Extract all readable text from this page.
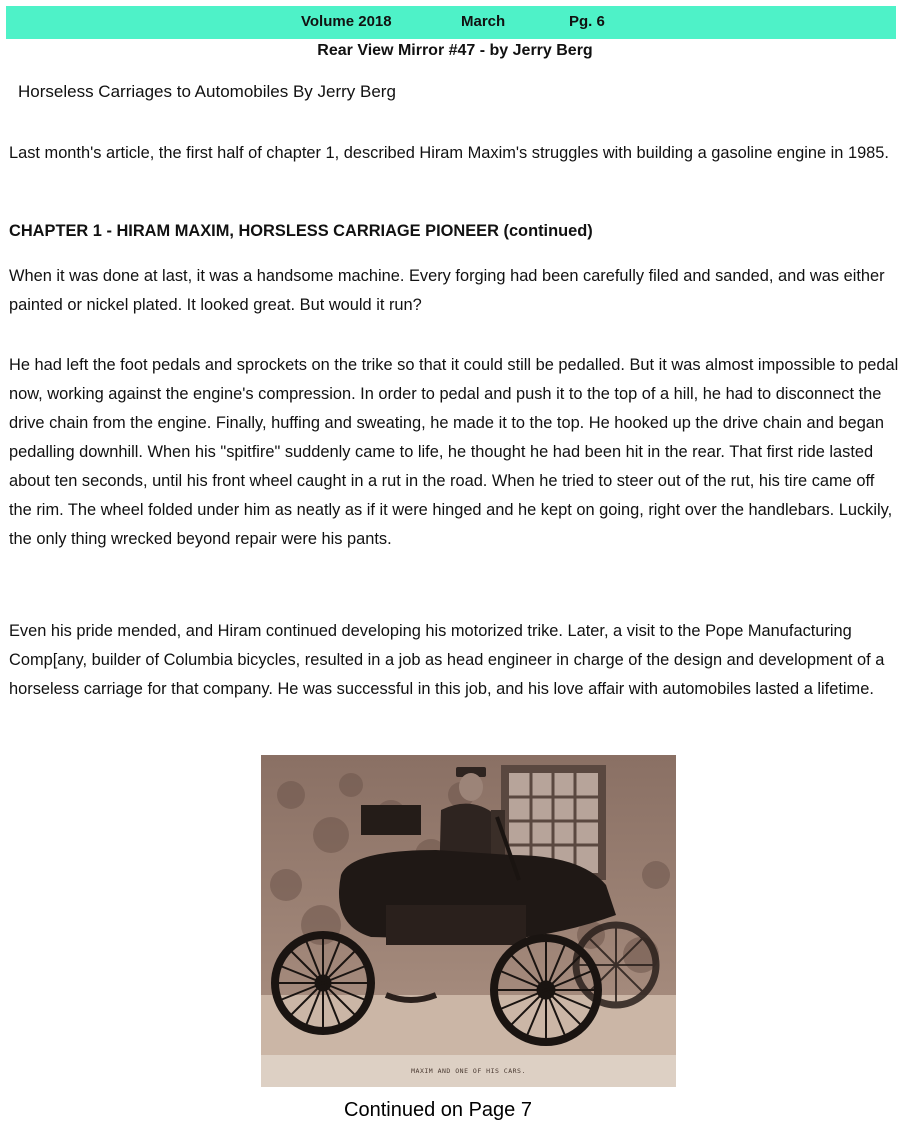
Volume 2018	March	Pg. 6
Rear View Mirror #47 - by Jerry Berg
Horseless Carriages to Automobiles By Jerry Berg

Last month's article, the first half of chapter 1, described Hiram Maxim's struggles with building a gasoline engine in 1985.

CHAPTER 1 - HIRAM MAXIM, HORSLESS CARRIAGE PIONEER (continued)

When it was done at last, it was a handsome machine. Every forging had been carefully filed and sanded, and was either painted or nickel plated. It looked great. But would it run?

He had left the foot pedals and sprockets on the trike so that it could still be pedalled. But it was almost impossible to pedal now, working against the engine's compression. In order to pedal and push it to the top of a hill, he had to disconnect the drive chain from the engine. Finally, huffing and sweating, he made it to the top. He hooked up the drive chain and began pedalling downhill. When his "spitfire" suddenly came to life, he thought he had been hit in the rear. That first ride lasted about ten seconds, until his front wheel caught in a rut in the road. When he tried to steer out of the rut, his tire came off the rim. The wheel folded under him as neatly as if it were hinged and he kept on going, right over the handlebars. Luckily, the only thing wrecked beyond repair were his pants.

Even his pride mended, and Hiram continued developing his motorized trike. Later, a visit to the Pope Manufacturing Comp[any, builder of Columbia bicycles, resulted in a job as head engineer in charge of the design and development of a horseless carriage for that company. He was successful in this job, and his love affair with automobiles lasted a lifetime.

MAXIM AND ONE OF HIS CARS.
Continued on Page 7
